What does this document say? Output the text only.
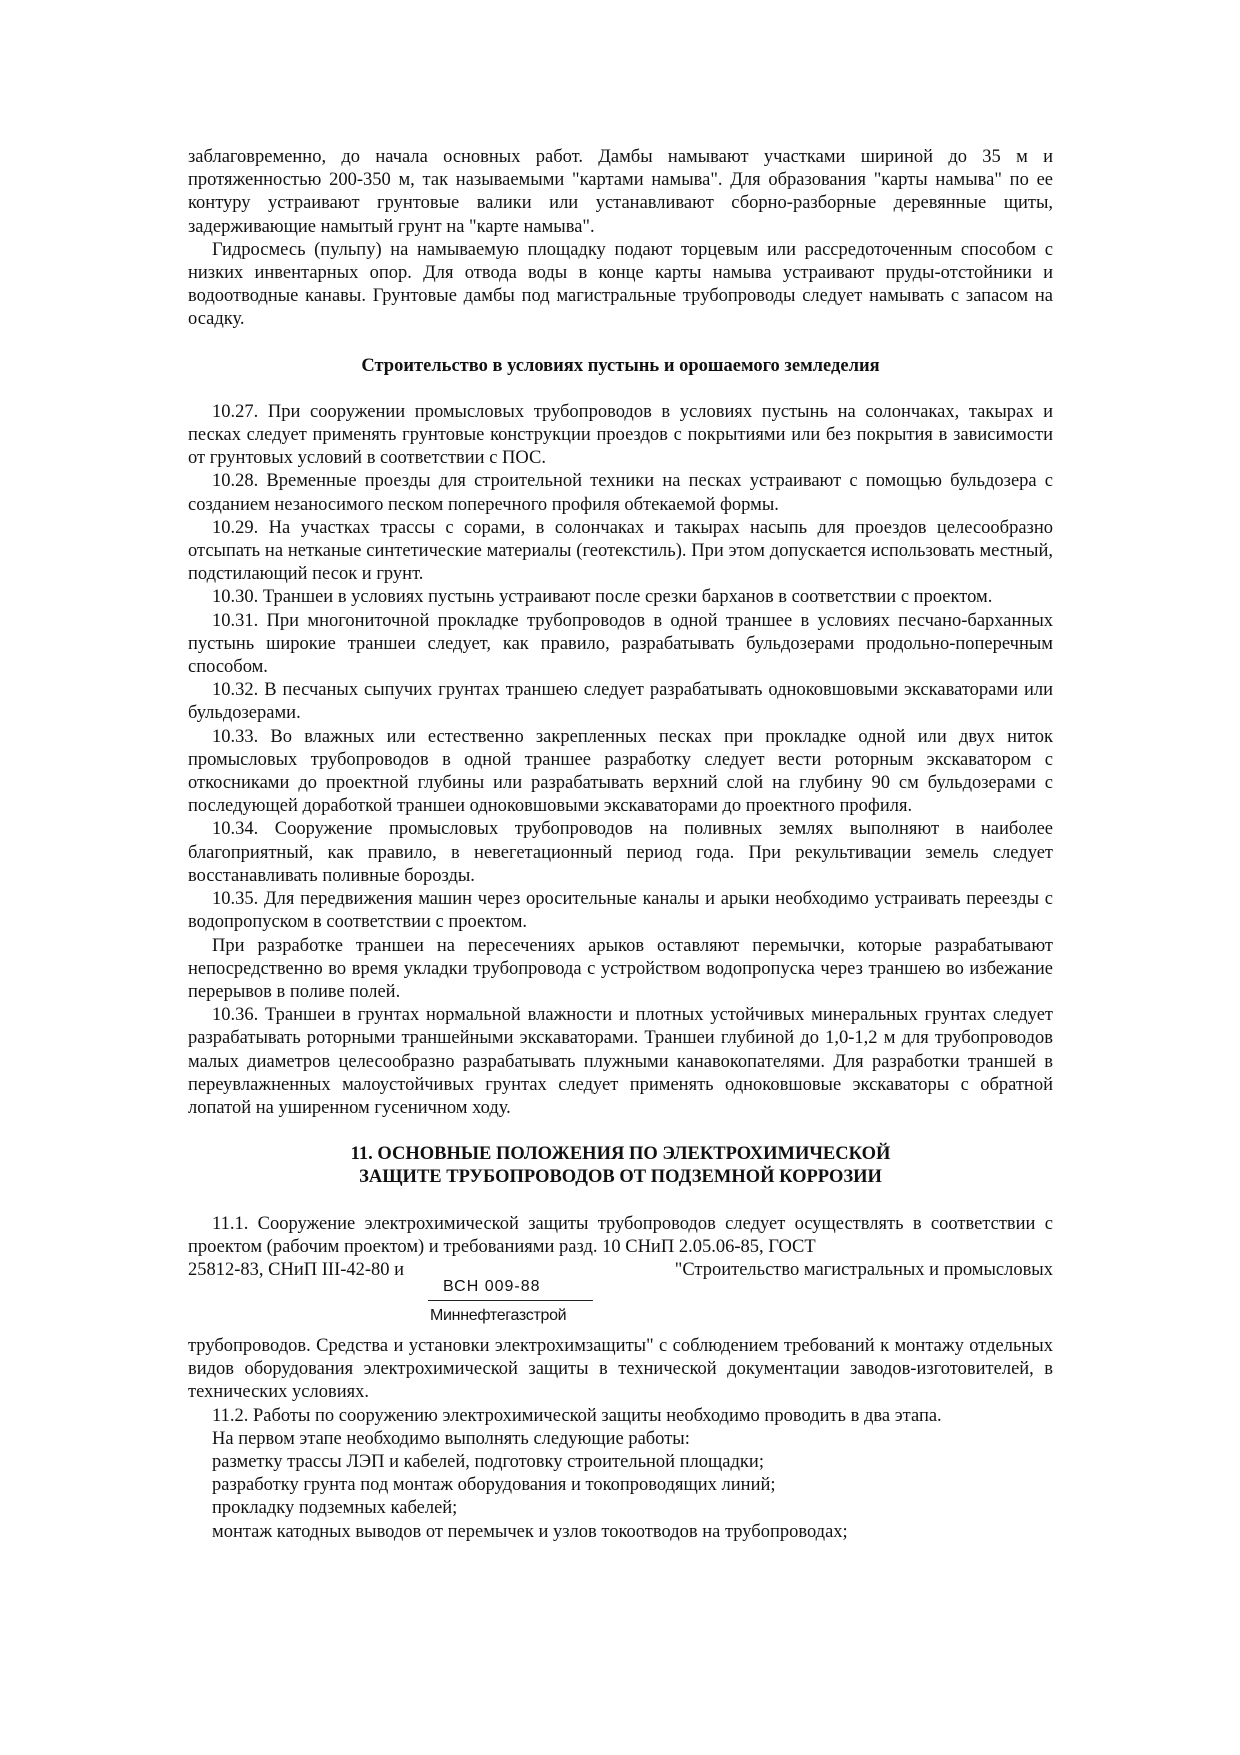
заблаговременно, до начала основных работ. Дамбы намывают участками шириной до 35 м и протяженностью 200-350 м, так называемыми "картами намыва". Для образования "карты намыва" по ее контуру устраивают грунтовые валики или устанавливают сборно-разборные деревянные щиты, задерживающие намытый грунт на "карте намыва".

Гидросмесь (пульпу) на намываемую площадку подают торцевым или рассредоточенным способом с низких инвентарных опор. Для отвода воды в конце карты намыва устраивают пруды-отстойники и водоотводные канавы. Грунтовые дамбы под магистральные трубопроводы следует намывать с запасом на осадку.

Строительство в условиях пустынь и орошаемого земледелия

10.27. При сооружении промысловых трубопроводов в условиях пустынь на солончаках, такырах и песках следует применять грунтовые конструкции проездов с покрытиями или без покрытия в зависимости от грунтовых условий в соответствии с ПОС.

10.28. Временные проезды для строительной техники на песках устраивают с помощью бульдозера с созданием незаносимого песком поперечного профиля обтекаемой формы.

10.29. На участках трассы с сорами, в солончаках и такырах насыпь для проездов целесообразно отсыпать на нетканые синтетические материалы (геотекстиль). При этом допускается использовать местный, подстилающий песок и грунт.

10.30. Траншеи в условиях пустынь устраивают после срезки барханов в соответствии с проектом.

10.31. При многониточной прокладке трубопроводов в одной траншее в условиях песчано-барханных пустынь широкие траншеи следует, как правило, разрабатывать бульдозерами продольно-поперечным способом.

10.32. В песчаных сыпучих грунтах траншею следует разрабатывать одноковшовыми экскаваторами или бульдозерами.

10.33. Во влажных или естественно закрепленных песках при прокладке одной или двух ниток промысловых трубопроводов в одной траншее разработку следует вести роторным экскаватором с откосниками до проектной глубины или разрабатывать верхний слой на глубину 90 см бульдозерами с последующей доработкой траншеи одноковшовыми экскаваторами до проектного профиля.

10.34. Сооружение промысловых трубопроводов на поливных землях выполняют в наиболее благоприятный, как правило, в невегетационный период года. При рекультивации земель следует восстанавливать поливные борозды.

10.35. Для передвижения машин через оросительные каналы и арыки необходимо устраивать переезды с водопропуском в соответствии с проектом.

При разработке траншеи на пересечениях арыков оставляют перемычки, которые разрабатывают непосредственно во время укладки трубопровода с устройством водопропуска через траншею во избежание перерывов в поливе полей.

10.36. Траншеи в грунтах нормальной влажности и плотных устойчивых минеральных грунтах следует разрабатывать роторными траншейными экскаваторами. Траншеи глубиной до 1,0-1,2 м для трубопроводов малых диаметров целесообразно разрабатывать плужными канавокопателями. Для разработки траншей в переувлажненных малоустойчивых грунтах следует применять одноковшовые экскаваторы с обратной лопатой на уширенном гусеничном ходу.

11. ОСНОВНЫЕ ПОЛОЖЕНИЯ ПО ЭЛЕКТРОХИМИЧЕСКОЙ

ЗАЩИТЕ ТРУБОПРОВОДОВ ОТ ПОДЗЕМНОЙ КОРРОЗИИ

11.1. Сооружение электрохимической защиты трубопроводов следует осуществлять в соответствии с проектом (рабочим проектом) и требованиями разд. 10 СНиП 2.05.06-85, ГОСТ

25812-83, СНиП III-42-80 и
ВСН 009-88
Миннефтегазстрой
"Строительство магистральных и промысловых

трубопроводов. Средства и установки электрохимзащиты" с соблюдением требований к монтажу отдельных видов оборудования электрохимической защиты в технической документации заводов-изготовителей, в технических условиях.

11.2. Работы по сооружению электрохимической защиты необходимо проводить в два этапа.

На первом этапе необходимо выполнять следующие работы:

разметку трассы ЛЭП и кабелей, подготовку строительной площадки;

разработку грунта под монтаж оборудования и токопроводящих линий;

прокладку подземных кабелей;

монтаж катодных выводов от перемычек и узлов токоотводов на трубопроводах;
